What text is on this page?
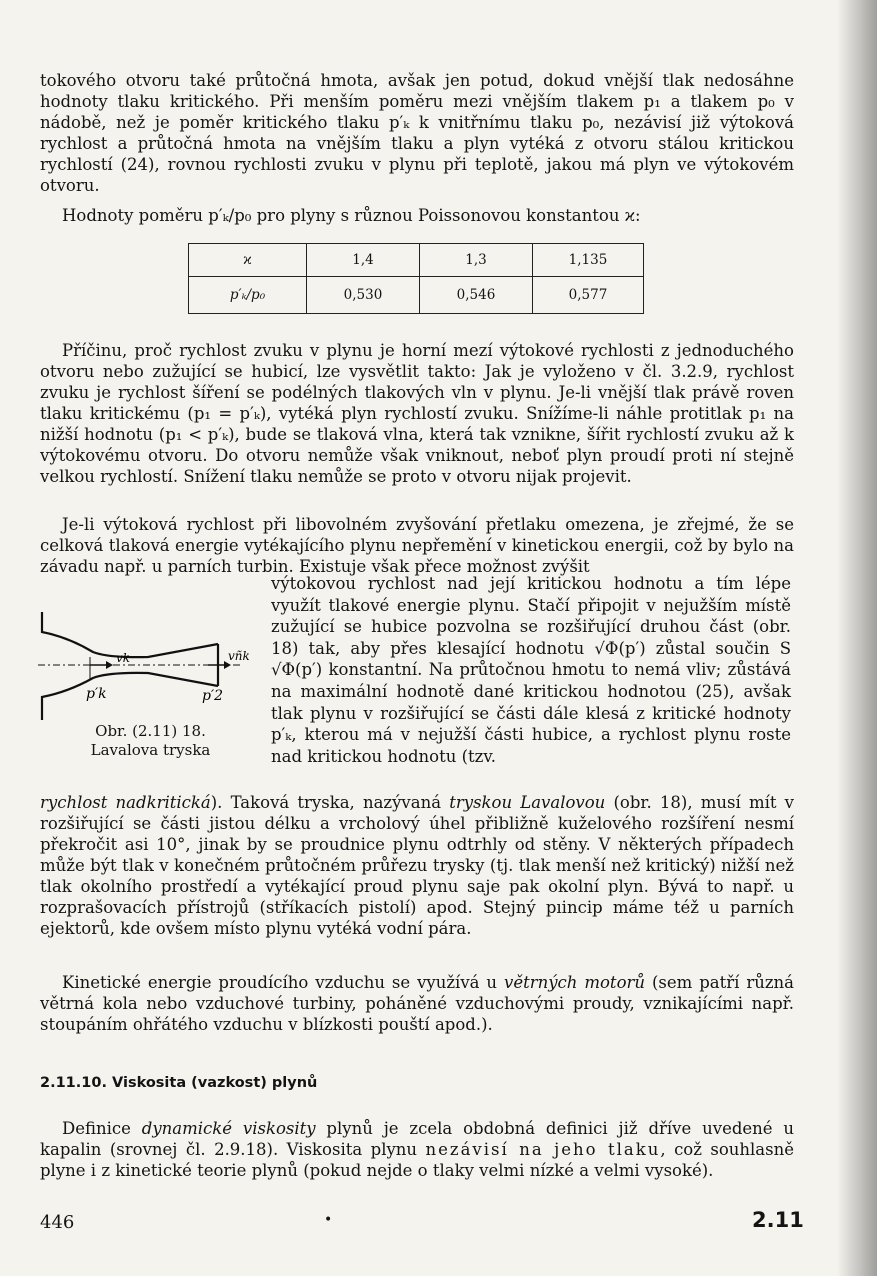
tokového otvoru také průtočná hmota, avšak jen potud, dokud vnější tlak nedosáhne hodnoty tlaku kritického. Při menším poměru mezi vnějším tlakem p₁ a tlakem p₀ v nádobě, než je poměr kritického tlaku p′ₖ k vnitřnímu tlaku p₀, nezávisí již výtoková rychlost a průtočná hmota na vnějším tlaku a plyn vytéká z otvoru stálou kritickou rychlostí (24), rovnou rychlosti zvuku v plynu při teplotě, jakou má plyn ve výtokovém otvoru.

Hodnoty poměru p′ₖ/p₀ pro plyny s různou Poissonovou konstantou ϰ:

ϰ	1,4	1,3	1,135
p′ₖ/p₀	0,530	0,546	0,577

Příčinu, proč rychlost zvuku v plynu je horní mezí výtokové rychlosti z jednoduchého otvoru nebo zužující se hubicí, lze vysvětlit takto: Jak je vyloženo v čl. 3.2.9, rychlost zvuku je rychlost šíření se podélných tlakových vln v plynu. Je-li vnější tlak právě roven tlaku kritickému (p₁ = p′ₖ), vytéká plyn rychlostí zvuku. Snížíme-li náhle protitlak p₁ na nižší hodnotu (p₁ < p′ₖ), bude se tlaková vlna, která tak vznikne, šířit rychlostí zvuku až k výtokovému otvoru. Do otvoru nemůže však vniknout, neboť plyn proudí proti ní stejně velkou rychlostí. Snížení tlaku nemůže se proto v otvoru nijak projevit.

Je-li výtoková rychlost při libovolném zvyšování přetlaku omezena, je zřejmé, že se celková tlaková energie vytékajícího plynu nepřemění v kinetickou energii, což by bylo na závadu např. u parních turbin. Existuje však přece možnost zvýšit

vk	vñk
p′k	p′2
Obr. (2.11) 18.
Lavalova tryska

výtokovou rychlost nad její kritickou hodnotu a tím lépe využít tlakové energie plynu. Stačí připojit v nejužším místě zužující se hubice pozvolna se rozšiřující druhou část (obr. 18) tak, aby přes klesající hodnotu √Φ(p′) zůstal součin S √Φ(p′) konstantní. Na průtočnou hmotu to nemá vliv; zůstává na maximální hodnotě dané kritickou hodnotou (25), avšak tlak plynu v rozšiřující se části dále klesá z kritické hodnoty p′ₖ, kterou má v nejužší části hubice, a rychlost plynu roste nad kritickou hodnotu (tzv.

rychlost nadkritická). Taková tryska, nazývaná tryskou Lavalovou (obr. 18), musí mít v rozšiřující se části jistou délku a vrcholový úhel přibližně kuželového rozšíření nesmí překročit asi 10°, jinak by se proudnice plynu odtrhly od stěny. V některých případech může být tlak v konečném průtočném průřezu trysky (tj. tlak menší než kritický) nižší než tlak okolního prostředí a vytékající proud plynu saje pak okolní plyn. Bývá to např. u rozprašovacích přístrojů (stříkacích pistolí) apod. Stejný pıincip máme též u parních ejektorů, kde ovšem místo plynu vytéká vodní pára.

Kinetické energie proudícího vzduchu se využívá u větrných motorů (sem patří různá větrná kola nebo vzduchové turbiny, poháněné vzduchovými proudy, vznikajícími např. stoupáním ohřátého vzduchu v blízkosti pouští apod.).

2.11.10. Viskosita (vazkost) plynů

Definice dynamické viskosity plynů je zcela obdobná definici již dříve uvedené u kapalin (srovnej čl. 2.9.18). Viskosita plynu nezávisí na jeho tlaku, což souhlasně plyne i z kinetické teorie plynů (pokud nejde o tlaky velmi nízké a velmi vysoké).

446	•	2.11
